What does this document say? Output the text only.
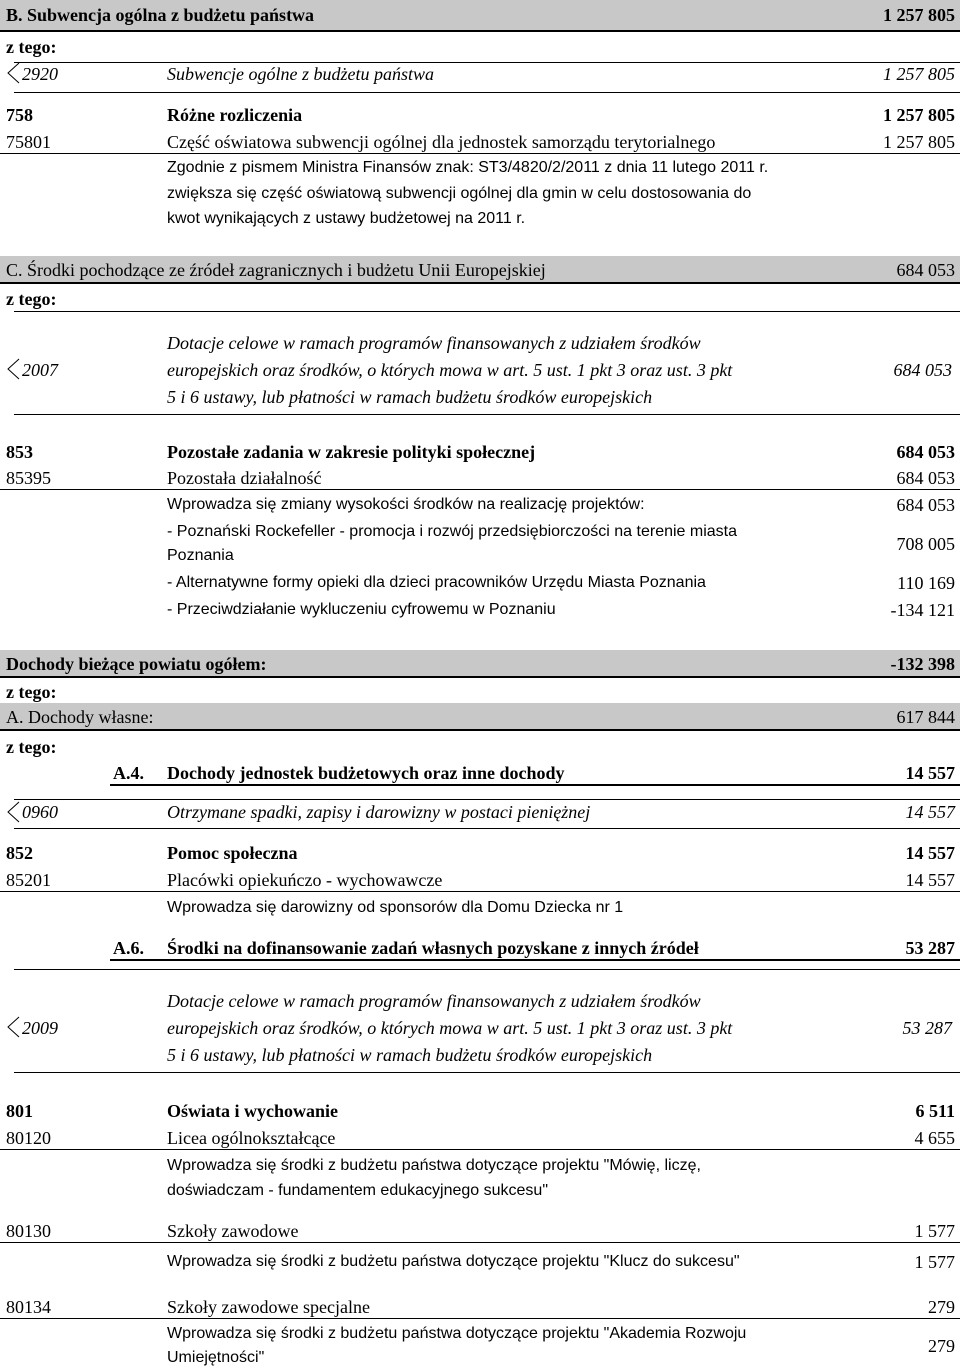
B. Subwencja ogólna z budżetu państwa	1 257 805
z tego:
2920	Subwencje ogólne z budżetu państwa	1 257 805
758	Różne rozliczenia	1 257 805
75801	Część oświatowa subwencji ogólnej dla jednostek samorządu terytorialnego	1 257 805
Zgodnie z pismem Ministra Finansów znak: ST3/4820/2/2011 z dnia 11 lutego 2011 r.
zwiększa się część oświatową subwencji ogólnej dla gmin w celu dostosowania do
kwot wynikających z ustawy budżetowej na 2011 r.
C. Środki pochodzące ze źródeł zagranicznych i budżetu Unii Europejskiej	684 053
z tego:
Dotacje celowe w ramach programów finansowanych z udziałem środków
2007	europejskich oraz środków, o których mowa w art. 5 ust. 1 pkt 3 oraz ust. 3 pkt	684 053
5 i 6 ustawy, lub płatności w ramach budżetu środków europejskich
853	Pozostałe zadania w zakresie polityki społecznej	684 053
85395	Pozostała działalność	684 053
Wprowadza się zmiany wysokości środków na realizację projektów:	684 053
- Poznański Rockefeller - promocja i rozwój przedsiębiorczości na terenie miasta
708 005
Poznania
- Alternatywne formy opieki dla dzieci pracowników Urzędu Miasta Poznania	110 169
- Przeciwdziałanie wykluczeniu cyfrowemu w Poznaniu	-134 121
Dochody bieżące powiatu ogółem:	-132 398
z tego:
A. Dochody własne:	617 844
z tego:
A.4. Dochody jednostek budżetowych oraz inne dochody	14 557
0960	Otrzymane spadki, zapisy i darowizny w postaci pieniężnej	14 557
852	Pomoc społeczna	14 557
85201	Placówki opiekuńczo - wychowawcze	14 557
Wprowadza się darowizny od sponsorów dla Domu Dziecka nr 1
A.6. Środki na dofinansowanie zadań własnych pozyskane z innych źródeł	53 287
Dotacje celowe w ramach programów finansowanych z udziałem środków
2009	europejskich oraz środków, o których mowa w art. 5 ust. 1 pkt 3 oraz ust. 3 pkt	53 287
5 i 6 ustawy, lub płatności w ramach budżetu środków europejskich
801	Oświata i wychowanie	6 511
80120	Licea ogólnokształcące	4 655
Wprowadza się środki z budżetu państwa dotyczące projektu "Mówię, liczę,
doświadczam - fundamentem edukacyjnego sukcesu"
80130	Szkoły zawodowe	1 577
Wprowadza się środki z budżetu państwa dotyczące projektu "Klucz do sukcesu"	1 577
80134	Szkoły zawodowe specjalne	279
Wprowadza się środki z budżetu państwa dotyczące projektu "Akademia Rozwoju
279
Umiejętności"
